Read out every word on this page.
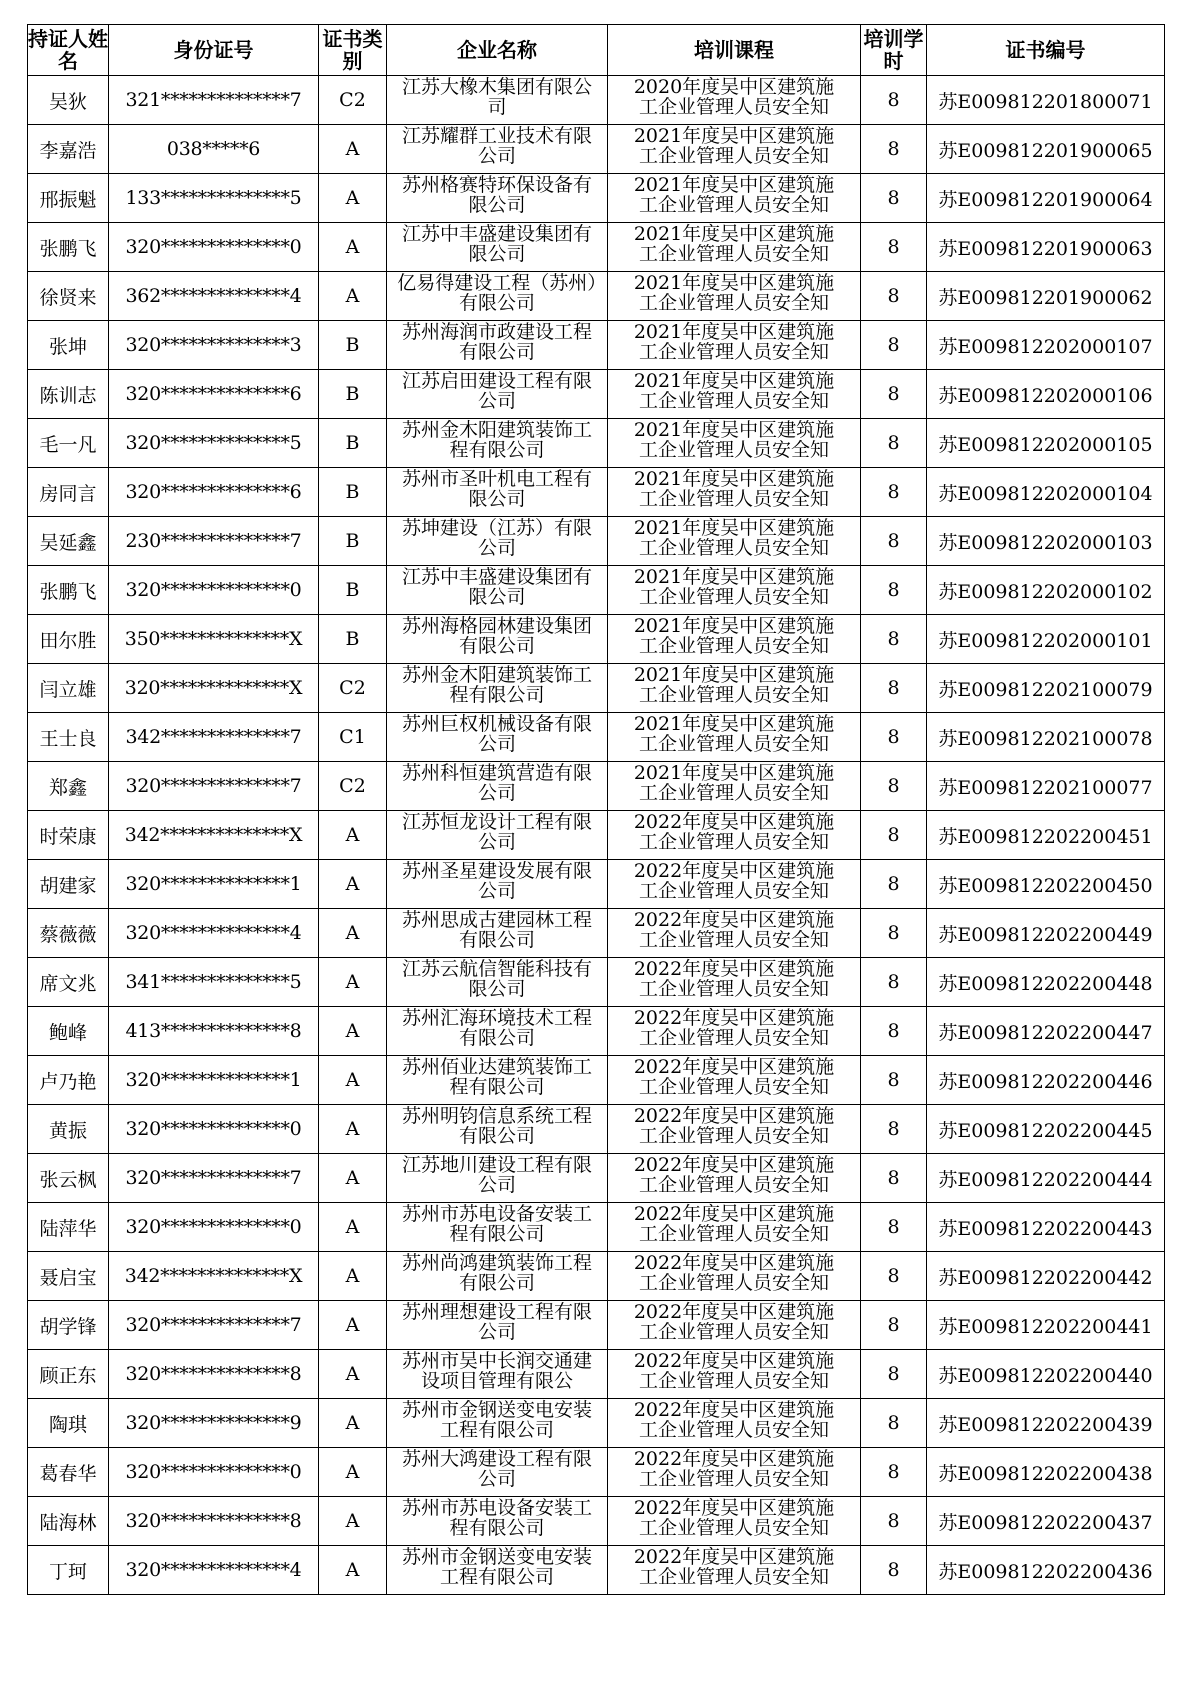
持证人姓名	身份证号	证书类别	企业名称	培训课程	培训学时	证书编号
吴狄	321**************7	C2	江苏大橡木集团有限公司	2020年度吴中区建筑施工企业管理人员安全知	8	苏E009812201800071
李嘉浩	038*****6	A	江苏耀群工业技术有限公司	2021年度吴中区建筑施工企业管理人员安全知	8	苏E009812201900065
邢振魁	133**************5	A	苏州格赛特环保设备有限公司	2021年度吴中区建筑施工企业管理人员安全知	8	苏E009812201900064
张鹏飞	320**************0	A	江苏中丰盛建设集团有限公司	2021年度吴中区建筑施工企业管理人员安全知	8	苏E009812201900063
徐贤来	362**************4	A	亿易得建设工程（苏州）有限公司	2021年度吴中区建筑施工企业管理人员安全知	8	苏E009812201900062
张坤	320**************3	B	苏州海润市政建设工程有限公司	2021年度吴中区建筑施工企业管理人员安全知	8	苏E009812202000107
陈训志	320**************6	B	江苏启田建设工程有限公司	2021年度吴中区建筑施工企业管理人员安全知	8	苏E009812202000106
毛一凡	320**************5	B	苏州金木阳建筑装饰工程有限公司	2021年度吴中区建筑施工企业管理人员安全知	8	苏E009812202000105
房同言	320**************6	B	苏州市圣叶机电工程有限公司	2021年度吴中区建筑施工企业管理人员安全知	8	苏E009812202000104
吴延鑫	230**************7	B	苏坤建设（江苏）有限公司	2021年度吴中区建筑施工企业管理人员安全知	8	苏E009812202000103
张鹏飞	320**************0	B	江苏中丰盛建设集团有限公司	2021年度吴中区建筑施工企业管理人员安全知	8	苏E009812202000102
田尔胜	350**************X	B	苏州海格园林建设集团有限公司	2021年度吴中区建筑施工企业管理人员安全知	8	苏E009812202000101
闫立雄	320**************X	C2	苏州金木阳建筑装饰工程有限公司	2021年度吴中区建筑施工企业管理人员安全知	8	苏E009812202100079
王士良	342**************7	C1	苏州巨权机械设备有限公司	2021年度吴中区建筑施工企业管理人员安全知	8	苏E009812202100078
郑鑫	320**************7	C2	苏州科恒建筑营造有限公司	2021年度吴中区建筑施工企业管理人员安全知	8	苏E009812202100077
时荣康	342**************X	A	江苏恒龙设计工程有限公司	2022年度吴中区建筑施工企业管理人员安全知	8	苏E009812202200451
胡建家	320**************1	A	苏州圣星建设发展有限公司	2022年度吴中区建筑施工企业管理人员安全知	8	苏E009812202200450
蔡薇薇	320**************4	A	苏州思成古建园林工程有限公司	2022年度吴中区建筑施工企业管理人员安全知	8	苏E009812202200449
席文兆	341**************5	A	江苏云航信智能科技有限公司	2022年度吴中区建筑施工企业管理人员安全知	8	苏E009812202200448
鲍峰	413**************8	A	苏州汇海环境技术工程有限公司	2022年度吴中区建筑施工企业管理人员安全知	8	苏E009812202200447
卢乃艳	320**************1	A	苏州佰业达建筑装饰工程有限公司	2022年度吴中区建筑施工企业管理人员安全知	8	苏E009812202200446
黄振	320**************0	A	苏州明钧信息系统工程有限公司	2022年度吴中区建筑施工企业管理人员安全知	8	苏E009812202200445
张云枫	320**************7	A	江苏地川建设工程有限公司	2022年度吴中区建筑施工企业管理人员安全知	8	苏E009812202200444
陆萍华	320**************0	A	苏州市苏电设备安装工程有限公司	2022年度吴中区建筑施工企业管理人员安全知	8	苏E009812202200443
聂启宝	342**************X	A	苏州尚鸿建筑装饰工程有限公司	2022年度吴中区建筑施工企业管理人员安全知	8	苏E009812202200442
胡学锋	320**************7	A	苏州理想建设工程有限公司	2022年度吴中区建筑施工企业管理人员安全知	8	苏E009812202200441
顾正东	320**************8	A	苏州市吴中长润交通建设项目管理有限公	2022年度吴中区建筑施工企业管理人员安全知	8	苏E009812202200440
陶琪	320**************9	A	苏州市金钢送变电安装工程有限公司	2022年度吴中区建筑施工企业管理人员安全知	8	苏E009812202200439
葛春华	320**************0	A	苏州大鸿建设工程有限公司	2022年度吴中区建筑施工企业管理人员安全知	8	苏E009812202200438
陆海林	320**************8	A	苏州市苏电设备安装工程有限公司	2022年度吴中区建筑施工企业管理人员安全知	8	苏E009812202200437
丁珂	320**************4	A	苏州市金钢送变电安装工程有限公司	2022年度吴中区建筑施工企业管理人员安全知	8	苏E009812202200436
